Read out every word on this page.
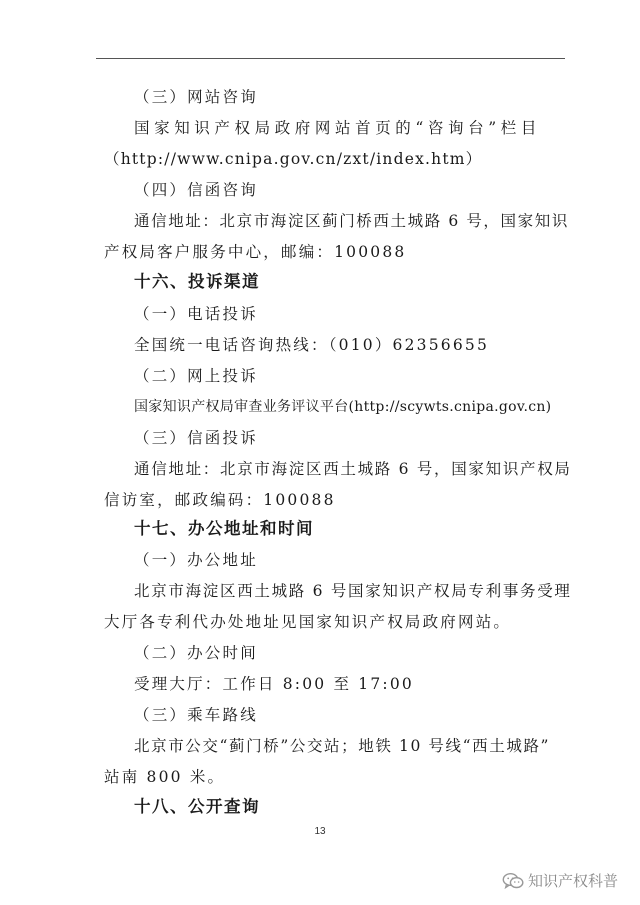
（三）网站咨询
国家知识产权局政府网站首页的“咨询台”栏目
（http://www.cnipa.gov.cn/zxt/index.htm）
（四）信函咨询
通信地址：北京市海淀区蓟门桥西土城路 6 号，国家知识
产权局客户服务中心，邮编：100088
十六、投诉渠道
（一）电话投诉
全国统一电话咨询热线：（010）62356655
（二）网上投诉
国家知识产权局审查业务评议平台(http://scywts.cnipa.gov.cn)
（三）信函投诉
通信地址：北京市海淀区西土城路 6 号，国家知识产权局
信访室，邮政编码：100088
十七、办公地址和时间
（一）办公地址
北京市海淀区西土城路 6 号国家知识产权局专利事务受理
大厅各专利代办处地址见国家知识产权局政府网站。
（二）办公时间
受理大厅：工作日 8:00 至 17:00
（三）乘车路线
北京市公交“蓟门桥”公交站；地铁 10 号线“西土城路”
站南 800 米。
十八、公开查询
13
知识产权科普
